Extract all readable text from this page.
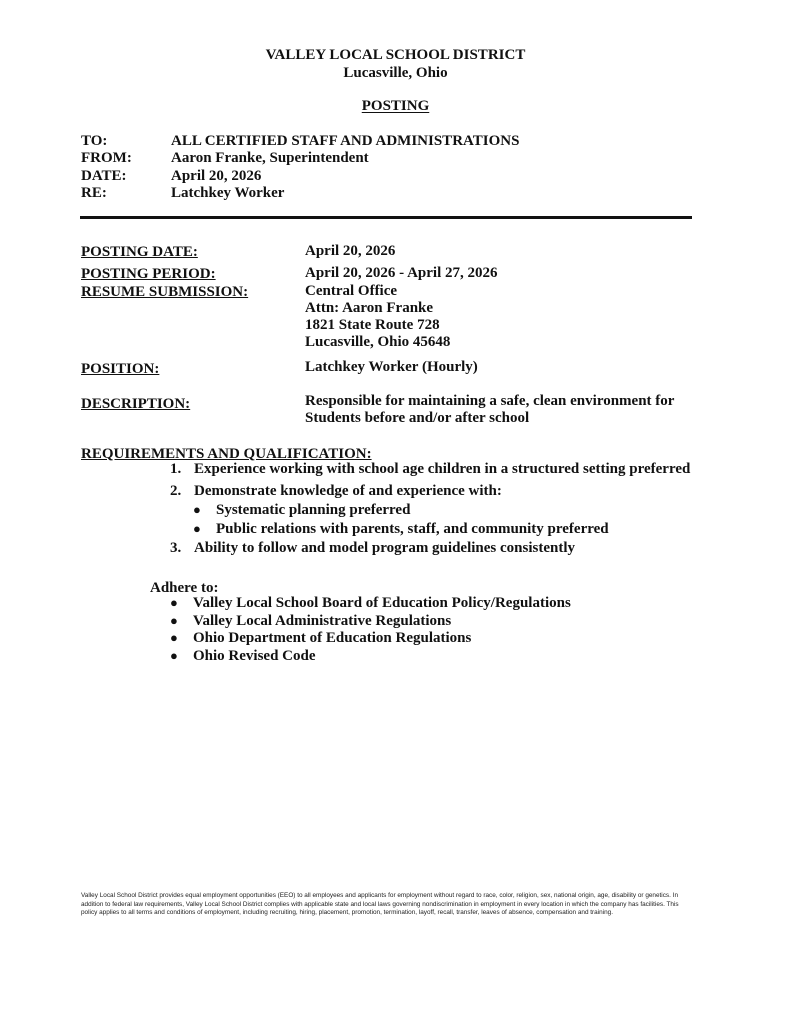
VALLEY LOCAL SCHOOL DISTRICT
Lucasville, Ohio
POSTING
TO:	ALL CERTIFIED STAFF AND ADMINISTRATIONS
FROM:	Aaron Franke, Superintendent
DATE:	April 20, 2026
RE:	Latchkey Worker
POSTING DATE:	April 20, 2026
POSTING PERIOD:	April 20, 2026 - April 27, 2026
RESUME SUBMISSION:	Central Office
Attn: Aaron Franke
1821 State Route 728
Lucasville, Ohio 45648
POSITION:	Latchkey Worker (Hourly)
DESCRIPTION:	Responsible for maintaining a safe, clean environment for
Students before and/or after school
REQUIREMENTS AND QUALIFICATION:
1. Experience working with school age children in a structured setting preferred
2. Demonstrate knowledge of and experience with:
● Systematic planning preferred
● Public relations with parents, staff, and community preferred
3. Ability to follow and model program guidelines consistently
Adhere to:
● Valley Local School Board of Education Policy/Regulations
● Valley Local Administrative Regulations
● Ohio Department of Education Regulations
● Ohio Revised Code
Valley Local School District provides equal employment opportunities (EEO) to all employees and applicants for employment without regard to race, color, religion, sex, national origin, age, disability or genetics. In addition to federal law requirements, Valley Local School District complies with applicable state and local laws governing nondiscrimination in employment in every location in which the company has facilities. This policy applies to all terms and conditions of employment, including recruiting, hiring, placement, promotion, termination, layoff, recall, transfer, leaves of absence, compensation and training.
